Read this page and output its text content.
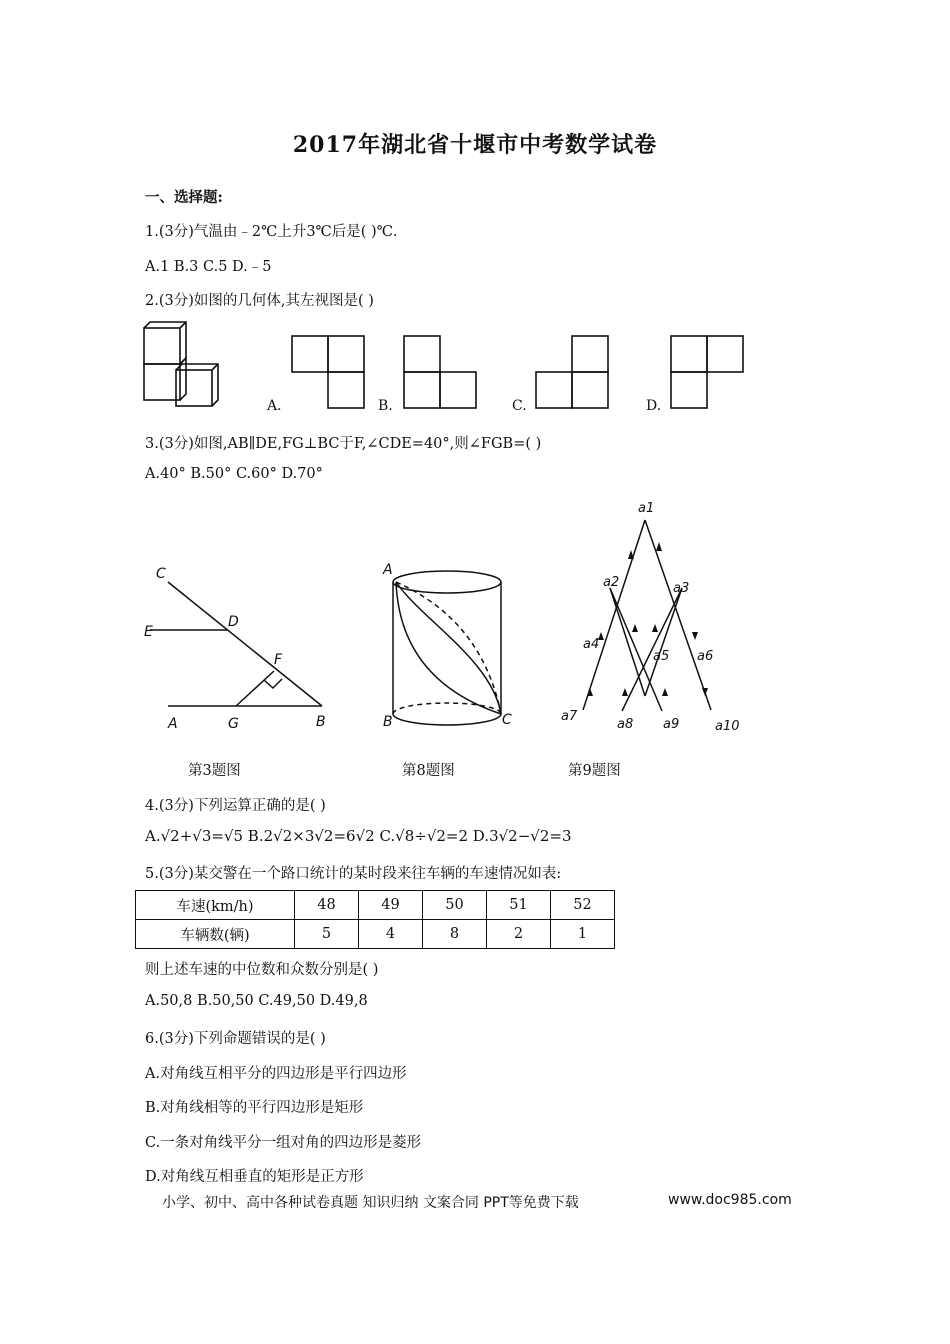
2017年湖北省十堰市中考数学试卷
一、选择题:
1.(3分)气温由﹣2℃上升3℃后是( )℃.
A.1 B.3 C.5 D.﹣5
2.(3分)如图的几何体,其左视图是( )
A.	B.	C.	D.
3.(3分)如图,AB∥DE,FG⊥BC于F,∠CDE=40°,则∠FGB=( )
A.40° B.50° C.60° D.70°
C
E
D
F
A	G	B
第3题图
A
B	C
第8题图
a1
a2	a3
a4
a5 a6
a7
a8 a9	a10
第9题图
4.(3分)下列运算正确的是( )
A.√2+√3=√5 B.2√2×3√2=6√2 C.√8÷√2=2 D.3√2−√2=3
5.(3分)某交警在一个路口统计的某时段来往车辆的车速情况如表:
车速(km/h)	48	49	50	51	52
车辆数(辆)	5	4	8	2	1
则上述车速的中位数和众数分别是( )
A.50,8 B.50,50 C.49,50 D.49,8
6.(3分)下列命题错误的是( )
A.对角线互相平分的四边形是平行四边形
B.对角线相等的平行四边形是矩形
C.一条对角线平分一组对角的四边形是菱形
D.对角线互相垂直的矩形是正方形
小学、初中、高中各种试卷真题 知识归纳 文案合同 PPT等免费下载	www.doc985.com
